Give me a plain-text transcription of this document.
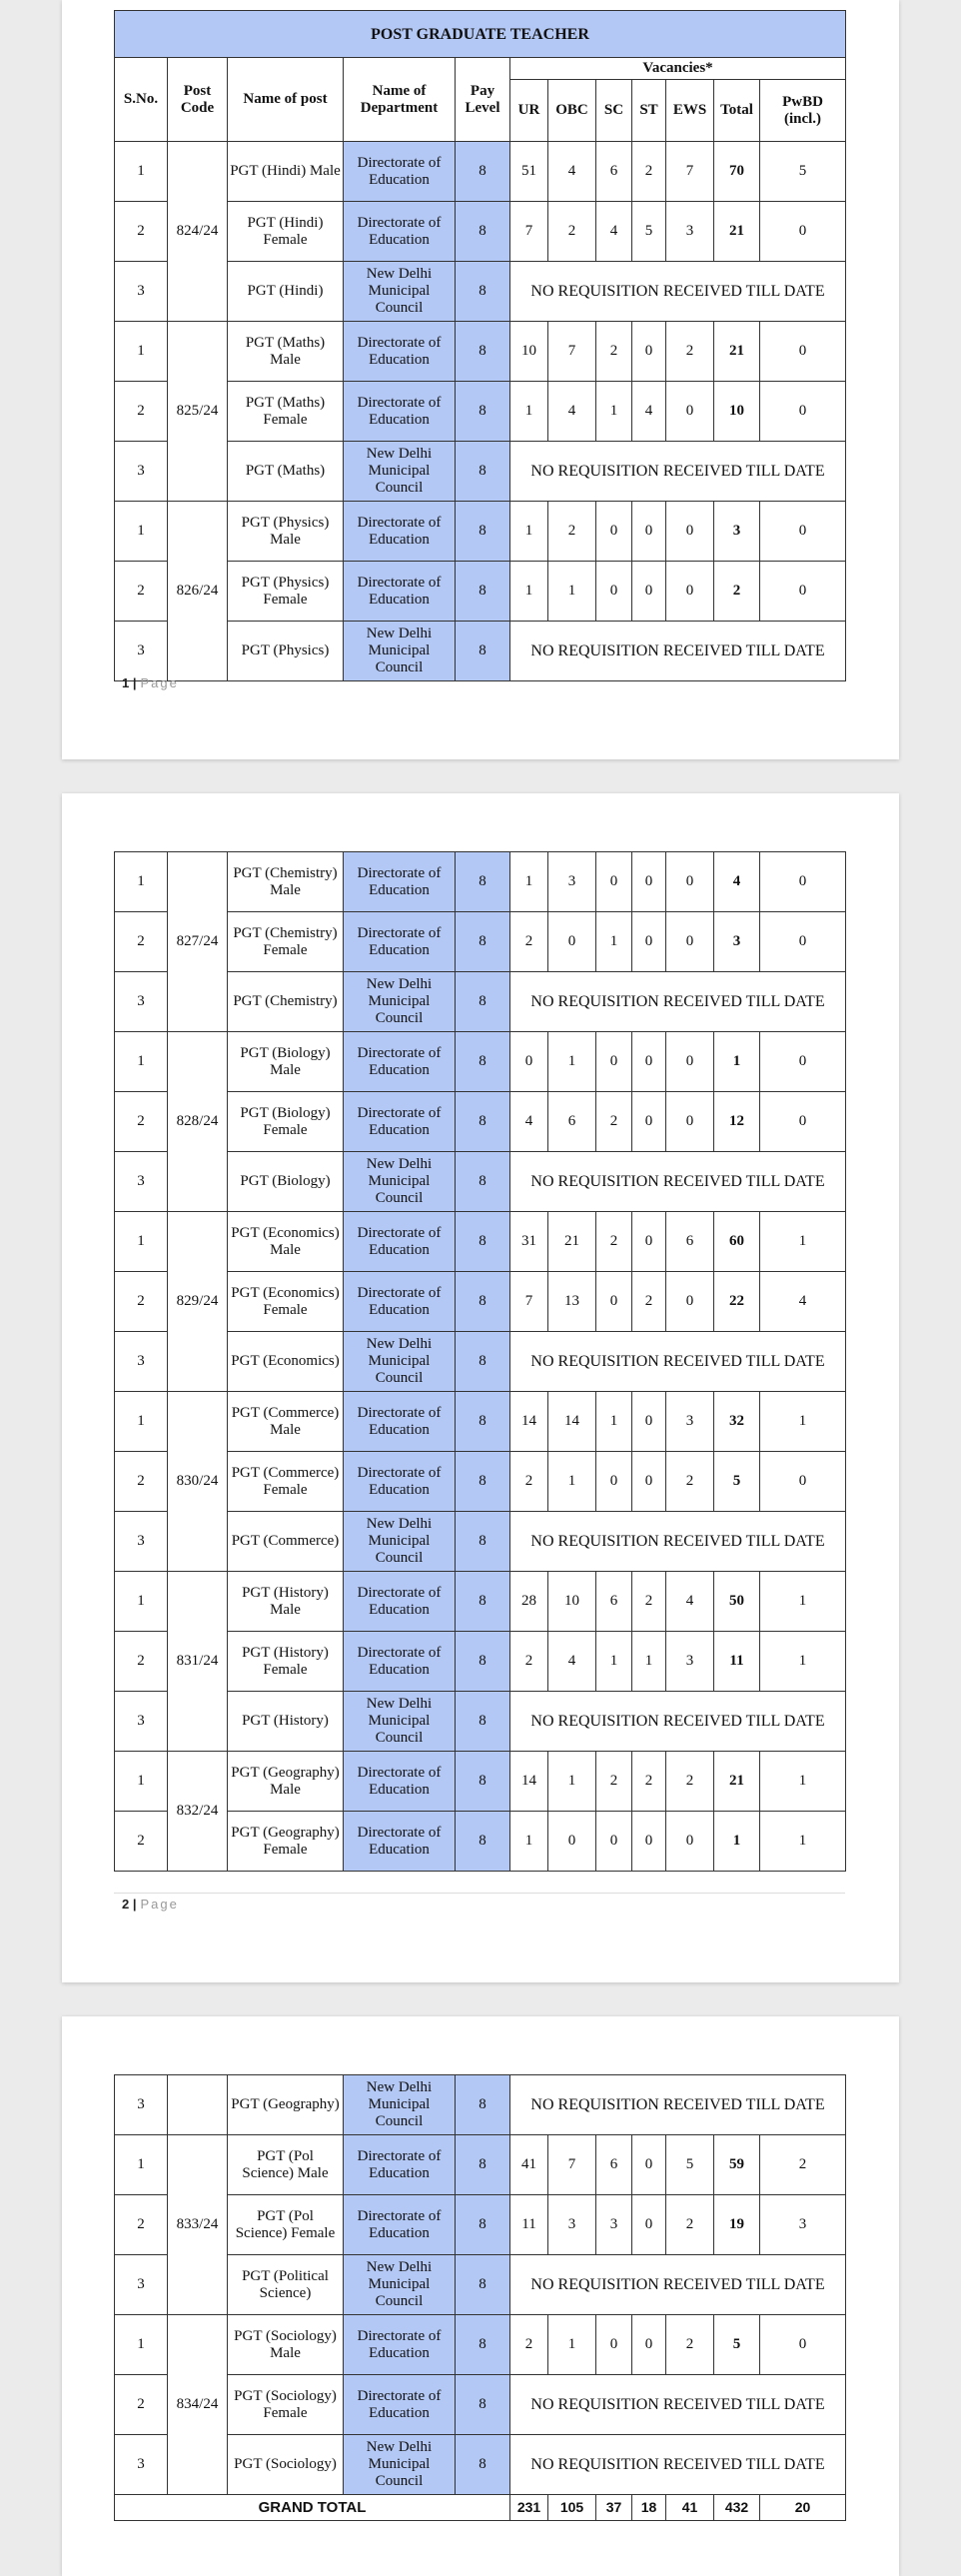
POST GRADUATE TEACHER											
S.No.	Post Code	Name of post	Name of Department	Pay Level	Vacancies*						
					UR	OBC	SC	ST	EWS	Total	PwBD (incl.)
1	824/24	PGT (Hindi) Male	Directorate of Education	8	51	4	6	2	7	70	5
2		PGT (Hindi) Female	Directorate of Education	8	7	2	4	5	3	21	0
3		PGT (Hindi)	New Delhi Municipal Council	8	NO REQUISITION RECEIVED TILL DATE						
1	825/24	PGT (Maths) Male	Directorate of Education	8	10	7	2	0	2	21	0
2		PGT (Maths) Female	Directorate of Education	8	1	4	1	4	0	10	0
3		PGT (Maths)	New Delhi Municipal Council	8	NO REQUISITION RECEIVED TILL DATE						
1	826/24	PGT (Physics) Male	Directorate of Education	8	1	2	0	0	0	3	0
2		PGT (Physics) Female	Directorate of Education	8	1	1	0	0	0	2	0
3		PGT (Physics)	New Delhi Municipal Council	8	NO REQUISITION RECEIVED TILL DATE						
1 | Page
1	827/24	PGT (Chemistry) Male	Directorate of Education	8	1	3	0	0	0	4	0
2		PGT (Chemistry) Female	Directorate of Education	8	2	0	1	0	0	3	0
3		PGT (Chemistry)	New Delhi Municipal Council	8	NO REQUISITION RECEIVED TILL DATE						
1	828/24	PGT (Biology) Male	Directorate of Education	8	0	1	0	0	0	1	0
2		PGT (Biology) Female	Directorate of Education	8	4	6	2	0	0	12	0
3		PGT (Biology)	New Delhi Municipal Council	8	NO REQUISITION RECEIVED TILL DATE						
1	829/24	PGT (Economics) Male	Directorate of Education	8	31	21	2	0	6	60	1
2		PGT (Economics) Female	Directorate of Education	8	7	13	0	2	0	22	4
3		PGT (Economics)	New Delhi Municipal Council	8	NO REQUISITION RECEIVED TILL DATE						
1	830/24	PGT (Commerce) Male	Directorate of Education	8	14	14	1	0	3	32	1
2		PGT (Commerce) Female	Directorate of Education	8	2	1	0	0	2	5	0
3		PGT (Commerce)	New Delhi Municipal Council	8	NO REQUISITION RECEIVED TILL DATE						
1	831/24	PGT (History) Male	Directorate of Education	8	28	10	6	2	4	50	1
2		PGT (History) Female	Directorate of Education	8	2	4	1	1	3	11	1
3		PGT (History)	New Delhi Municipal Council	8	NO REQUISITION RECEIVED TILL DATE						
1	832/24	PGT (Geography) Male	Directorate of Education	8	14	1	2	2	2	21	1
2		PGT (Geography) Female	Directorate of Education	8	1	0	0	0	0	1	1
2 | Page
3		PGT (Geography)	New Delhi Municipal Council	8	NO REQUISITION RECEIVED TILL DATE						
1	833/24	PGT (Pol Science) Male	Directorate of Education	8	41	7	6	0	5	59	2
2		PGT (Pol Science) Female	Directorate of Education	8	11	3	3	0	2	19	3
3		PGT (Political Science)	New Delhi Municipal Council	8	NO REQUISITION RECEIVED TILL DATE						
1	834/24	PGT (Sociology) Male	Directorate of Education	8	2	1	0	0	2	5	0
2		PGT (Sociology) Female	Directorate of Education	8	NO REQUISITION RECEIVED TILL DATE						
3		PGT (Sociology)	New Delhi Municipal Council	8	NO REQUISITION RECEIVED TILL DATE						
GRAND TOTAL					231	105	37	18	41	432	20
